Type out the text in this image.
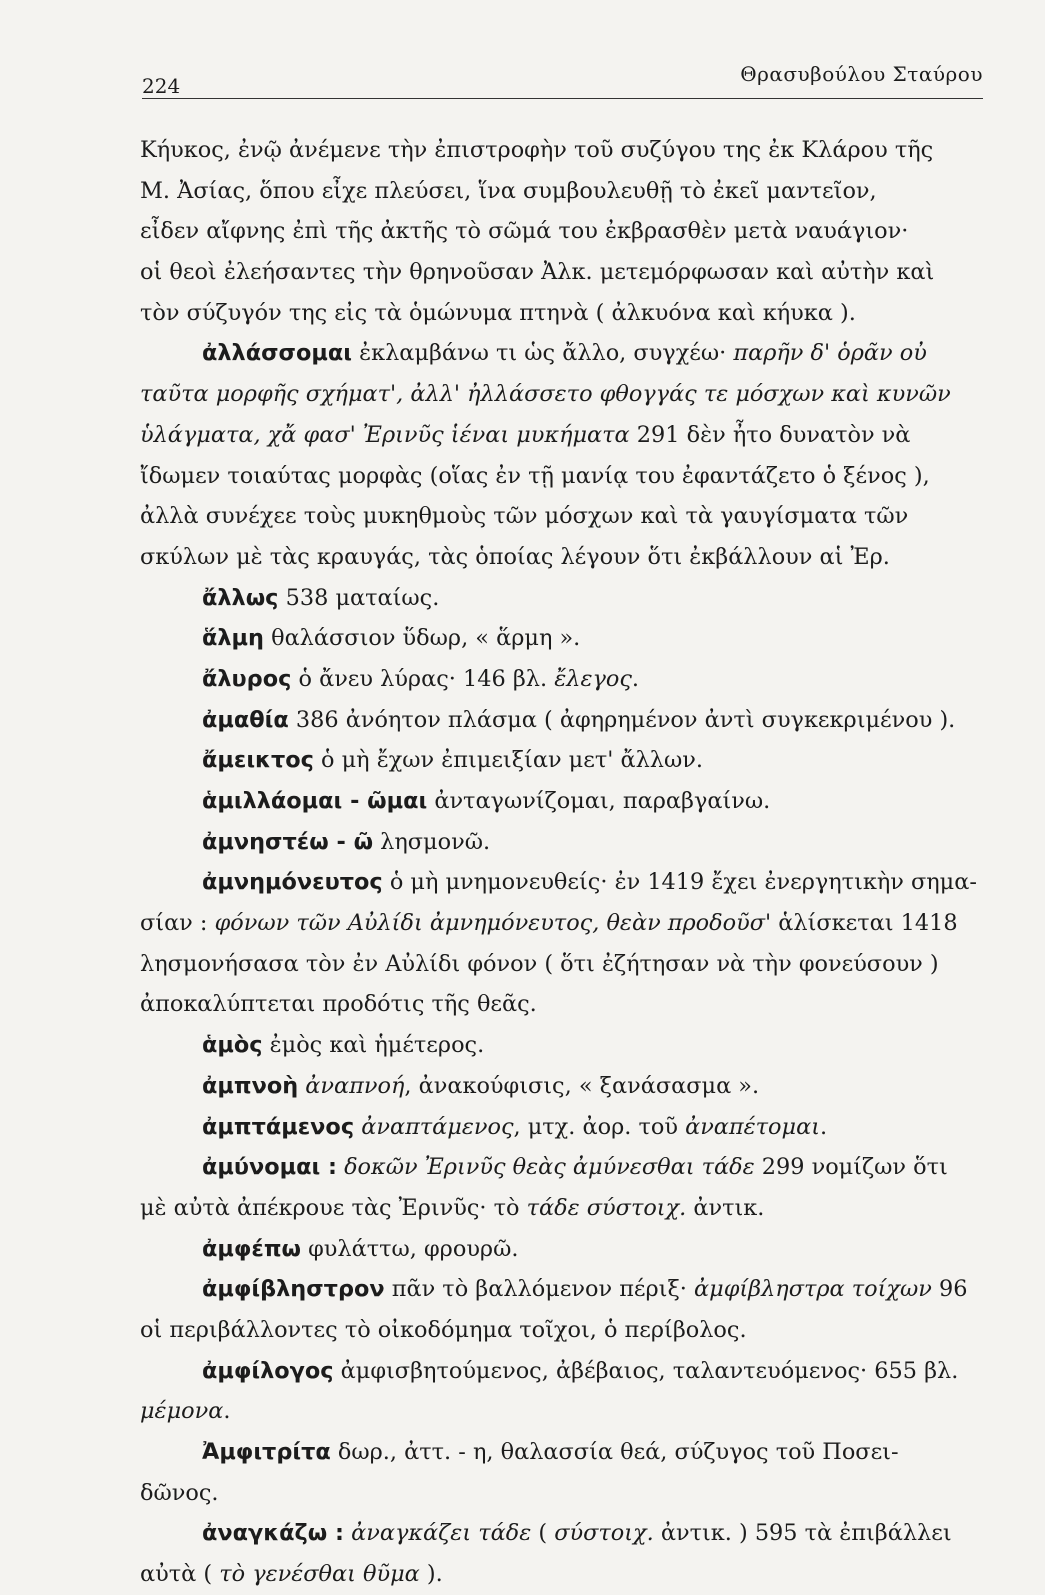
224	Θρασυβούλου Σταύρου
Κήυκος, ἐνῷ ἀνέμενε τὴν ἐπιστροφὴν τοῦ συζύγου της ἐκ Κλάρου τῆς
Μ. Ἀσίας, ὅπου εἶχε πλεύσει, ἵνα συμβουλευθῇ τὸ ἐκεῖ μαντεῖον,
εἶδεν αἴφνης ἐπὶ τῆς ἀκτῆς τὸ σῶμά του ἐκβρασθὲν μετὰ ναυάγιον·
οἱ θεοὶ ἐλεήσαντες τὴν θρηνοῦσαν Ἀλκ. μετεμόρφωσαν καὶ αὐτὴν καὶ
τὸν σύζυγόν της εἰς τὰ ὁμώνυμα πτηνὰ ( ἀλκυόνα καὶ κήυκα ).
ἀλλάσσομαι ἐκλαμβάνω τι ὡς ἄλλο, συγχέω· παρῆν δ' ὁρᾶν οὐ
ταῦτα μορφῆς σχήματ', ἀλλ' ἠλλάσσετο φθογγάς τε μόσχων καὶ κυνῶν
ὑλάγματα, χἄ φασ' Ἐρινῦς ἱέναι μυκήματα 291 δὲν ἦτο δυνατὸν νὰ
ἴδωμεν τοιαύτας μορφὰς (οἵας ἐν τῇ μανίᾳ του ἐφαντάζετο ὁ ξένος ),
ἀλλὰ συνέχεε τοὺς μυκηθμοὺς τῶν μόσχων καὶ τὰ γαυγίσματα τῶν
σκύλων μὲ τὰς κραυγάς, τὰς ὁποίας λέγουν ὅτι ἐκβάλλουν αἱ Ἐρ.
ἄλλως 538 ματαίως.
ἅλμη θαλάσσιον ὕδωρ, « ἅρμη ».
ἄλυρος ὁ ἄνευ λύρας· 146 βλ. ἔλεγος.
ἀμαθία 386 ἀνόητον πλάσμα ( ἀφηρημένον ἀντὶ συγκεκριμένου ).
ἄμεικτος ὁ μὴ ἔχων ἐπιμειξίαν μετ' ἄλλων.
ἁμιλλάομαι - ῶμαι ἀνταγωνίζομαι, παραβγαίνω.
ἀμνηστέω - ῶ λησμονῶ.
ἀμνημόνευτος ὁ μὴ μνημονευθείς· ἐν 1419 ἔχει ἐνεργητικὴν σημα-
σίαν : φόνων τῶν Αὐλίδι ἀμνημόνευτος, θεὰν προδοῦσ' ἁλίσκεται 1418
λησμονήσασα τὸν ἐν Αὐλίδι φόνον ( ὅτι ἐζήτησαν νὰ τὴν φονεύσουν )
ἀποκαλύπτεται προδότις τῆς θεᾶς.
ἁμὸς ἐμὸς καὶ ἡμέτερος.
ἀμπνοὴ ἀναπνοή, ἀνακούφισις, « ξανάσασμα ».
ἀμπτάμενος ἀναπτάμενος, μτχ. ἀορ. τοῦ ἀναπέτομαι.
ἀμύνομαι : δοκῶν Ἐρινῦς θεὰς ἀμύνεσθαι τάδε 299 νομίζων ὅτι
μὲ αὐτὰ ἀπέκρουε τὰς Ἐρινῦς· τὸ τάδε σύστοιχ. ἀντικ.
ἀμφέπω φυλάττω, φρουρῶ.
ἀμφίβληστρον πᾶν τὸ βαλλόμενον πέριξ· ἀμφίβληστρα τοίχων 96
οἱ περιβάλλοντες τὸ οἰκοδόμημα τοῖχοι, ὁ περίβολος.
ἀμφίλογος ἀμφισβητούμενος, ἀβέβαιος, ταλαντευόμενος· 655 βλ.
μέμονα.
Ἀμφιτρίτα δωρ., ἀττ. - η, θαλασσία θεά, σύζυγος τοῦ Ποσει-
δῶνος.
ἀναγκάζω : ἀναγκάζει τάδε ( σύστοιχ. ἀντικ. ) 595 τὰ ἐπιβάλλει
αὐτὰ ( τὸ γενέσθαι θῦμα ).
